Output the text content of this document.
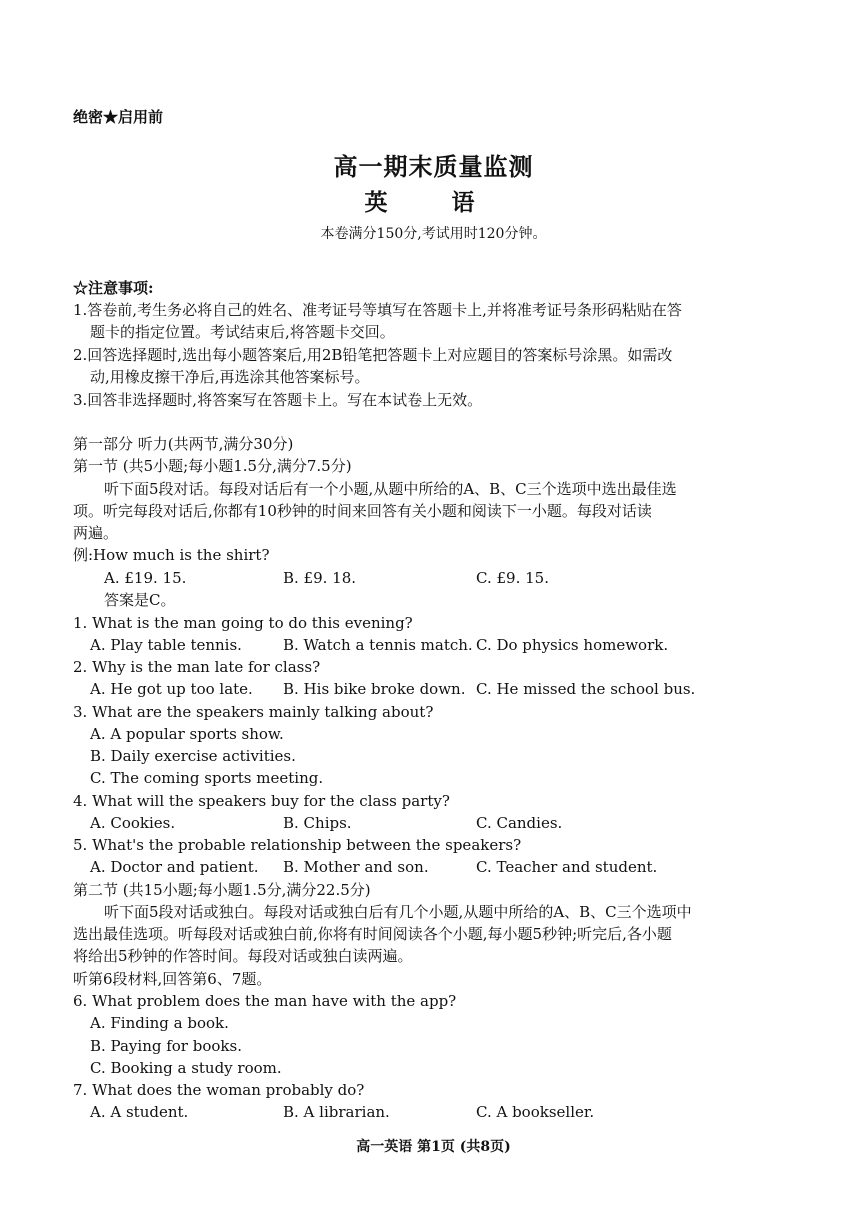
绝密★启用前
高一期末质量监测
英 语
本卷满分150分,考试用时120分钟。
☆注意事项:
1.答卷前,考生务必将自己的姓名、准考证号等填写在答题卡上,并将准考证号条形码粘贴在答
题卡的指定位置。考试结束后,将答题卡交回。
2.回答选择题时,选出每小题答案后,用2B铅笔把答题卡上对应题目的答案标号涂黑。如需改
动,用橡皮擦干净后,再选涂其他答案标号。
3.回答非选择题时,将答案写在答题卡上。写在本试卷上无效。
第一部分 听力(共两节,满分30分)
第一节 (共5小题;每小题1.5分,满分7.5分)
听下面5段对话。每段对话后有一个小题,从题中所给的A、B、C三个选项中选出最佳选
项。听完每段对话后,你都有10秒钟的时间来回答有关小题和阅读下一小题。每段对话读
两遍。
例:How much is the shirt?
A. £19. 15.	B. £9. 18.	C. £9. 15.
答案是C。
1. What is the man going to do this evening?
A. Play table tennis.	B. Watch a tennis match. C. Do physics homework.
2. Why is the man late for class?
A. He got up too late. B. His bike broke down. C. He missed the school bus.
3. What are the speakers mainly talking about?
A. A popular sports show.
B. Daily exercise activities.
C. The coming sports meeting.
4. What will the speakers buy for the class party?
A. Cookies.	B. Chips.	C. Candies.
5. What's the probable relationship between the speakers?
A. Doctor and patient. B. Mother and son.	C. Teacher and student.
第二节 (共15小题;每小题1.5分,满分22.5分)
听下面5段对话或独白。每段对话或独白后有几个小题,从题中所给的A、B、C三个选项中
选出最佳选项。听每段对话或独白前,你将有时间阅读各个小题,每小题5秒钟;听完后,各小题
将给出5秒钟的作答时间。每段对话或独白读两遍。
听第6段材料,回答第6、7题。
6. What problem does the man have with the app?
A. Finding a book.
B. Paying for books.
C. Booking a study room.
7. What does the woman probably do?
A. A student.	B. A librarian.	C. A bookseller.
高一英语 第1页 (共8页)
